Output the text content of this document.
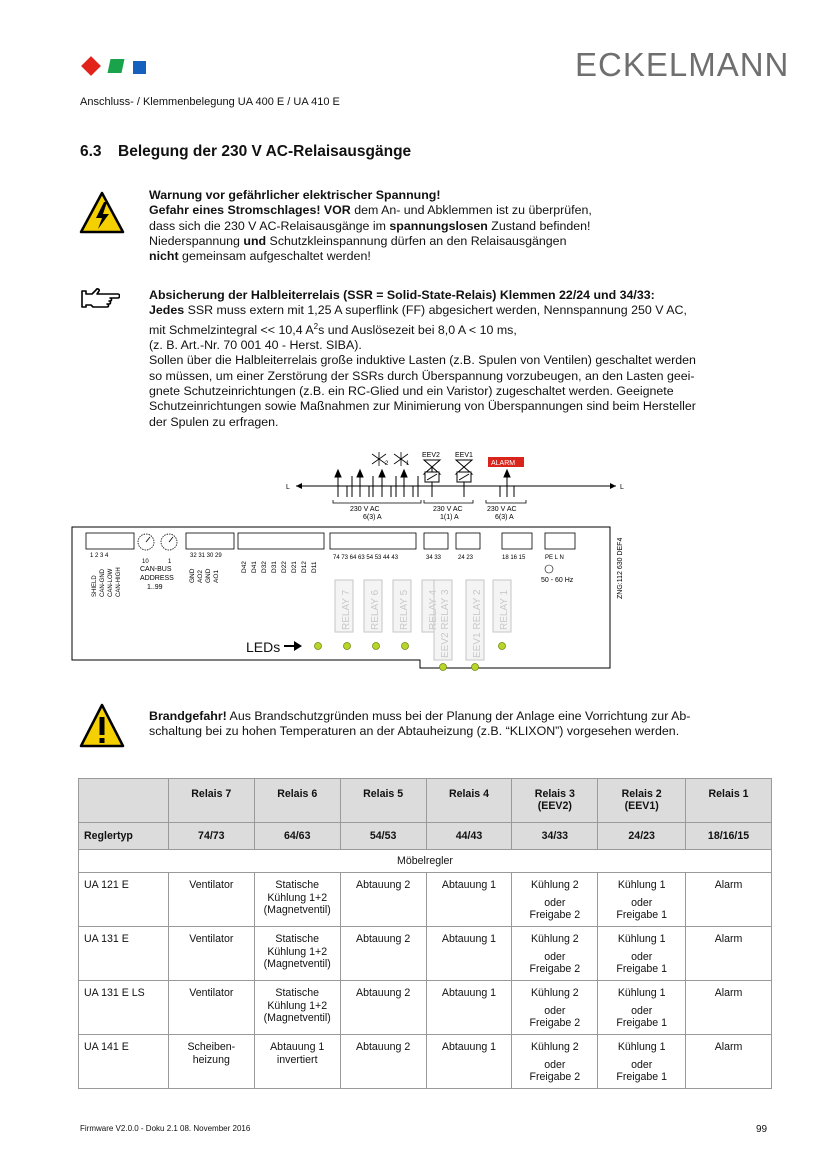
ECKELMANN
Anschluss- / Klemmenbelegung UA 400 E / UA 410 E
6.3 Belegung der 230 V AC-Relaisausgänge

Warnung vor gefährlicher elektrischer Spannung!

Gefahr eines Stromschlages! VOR dem An- und Abklemmen ist zu überprüfen,

dass sich die 230 V AC-Relaisausgänge im spannungslosen Zustand befinden!

Niederspannung und Schutzkleinspannung dürfen an den Relaisausgängen

nicht gemeinsam aufgeschaltet werden!

Absicherung der Halbleiterrelais (SSR = Solid-State-Relais) Klemmen 22/24 und 34/33:

Jedes SSR muss extern mit 1,25 A superflink (FF) abgesichert werden, Nennspannung 250 V AC,

mit Schmelzintegral << 10,4 $A^2s$ und Auslösezeit bei 8,0 A < 10 ms,

(z. B. Art.-Nr. 70 001 40 - Herst. SIBA).

Sollen über die Halbleiterrelais große induktive Lasten (z.B. Spulen von Ventilen) geschaltet werden

so müssen, um einer Zerstörung der SSRs durch Überspannung vorzubeugen, an den Lasten geei-

gnete Schutzeinrichtungen (z.B. ein RC-Glied und ein Varistor) zugeschaltet werden. Geeignete

Schutzeinrichtungen sowie Maßnahmen zur Minimierung von Überspannungen sind beim Hersteller

der Spulen zu erfragen.

L	L
2	1
EEV2 EEV1
ALARM
230 V AC
6(3) A
230 V AC
1(1) A
230 V AC
6(3) A
ZNG:112 630 DEF4
1 2 3 4
10	1
CAN-BUS
ADDRESS
1..99
32 31 30 29	74 73 64 63 54 53 44 43	34 33	24 23	18 16 15	PE L N
50 - 60 Hz
SHIELD CAN-GND CAN-LOW CAN-HIGH	GND AO2 GND AO1
D42 D41 D32 D31 D22 D21 D12 D11
RELAY 7 RELAY 6 RELAY 5 RELAY 4 EEV2 RELAY 3 EEV1 RELAY 2 RELAY 1
LEDs

Brandgefahr! Aus Brandschutzgründen muss bei der Planung der Anlage eine Vorrichtung zur Ab-

schaltung bei zu hohen Temperaturen an der Abtauheizung (z.B. “KLIXON”) vorgesehen werden.

	Relais 7	Relais 6	Relais 5	Relais 4	Relais 3
(EEV2)	Relais 2
(EEV1)	Relais 1
Reglertyp	74/73	64/63	54/53	44/43	34/33	24/23	18/16/15
Möbelregler							
UA 121 E	Ventilator	Statische
Kühlung 1+2
(Magnetventil)	Abtauung 2	Abtauung 1	Kühlung 2
oder
Freigabe 2	Kühlung 1
oder
Freigabe 1	Alarm
UA 131 E	Ventilator	Statische
Kühlung 1+2
(Magnetventil)	Abtauung 2	Abtauung 1	Kühlung 2
oder
Freigabe 2	Kühlung 1
oder
Freigabe 1	Alarm
UA 131 E LS	Ventilator	Statische
Kühlung 1+2
(Magnetventil)	Abtauung 2	Abtauung 1	Kühlung 2
oder
Freigabe 2	Kühlung 1
oder
Freigabe 1	Alarm
UA 141 E	Scheiben-
heizung	Abtauung 1
invertiert	Abtauung 2	Abtauung 1	Kühlung 2
oder
Freigabe 2	Kühlung 1
oder
Freigabe 1	Alarm
Firmware V2.0.0 - Doku 2.1 08. November 2016	99
